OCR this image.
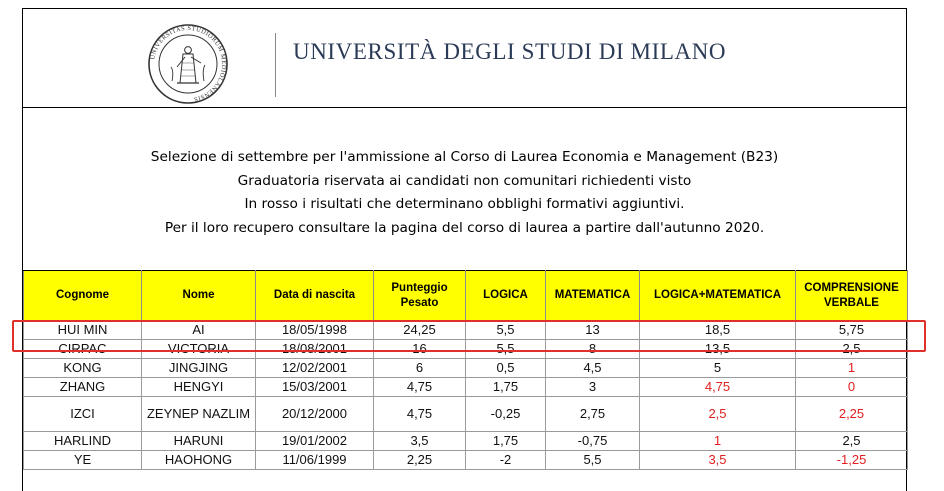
UNIVERSITAS STUDIORUM MEDIOLANENSIS
UNIVERSITÀ DEGLI STUDI DI MILANO
Selezione di settembre per l'ammissione al Corso di Laurea Economia e Management (B23)
Graduatoria riservata ai candidati non comunitari richiedenti visto
In rosso i risultati che determinano obblighi formativi aggiuntivi.
Per il loro recupero consultare la pagina del corso di laurea a partire dall'autunno 2020.
Cognome	Nome	Data di nascita	Punteggio Pesato	LOGICA	MATEMATICA	LOGICA+MATEMATICA	COMPRENSIONE VERBALE
HUI MIN	AI	18/05/1998	24,25	5,5	13	18,5	5,75
CIRPAC	VICTORIA	18/08/2001	16	5,5	8	13,5	2,5
KONG	JINGJING	12/02/2001	6	0,5	4,5	5	1
ZHANG	HENGYI	15/03/2001	4,75	1,75	3	4,75	0
IZCI	ZEYNEP NAZLIM	20/12/2000	4,75	-0,25	2,75	2,5	2,25
HARLIND	HARUNI	19/01/2002	3,5	1,75	-0,75	1	2,5
YE	HAOHONG	11/06/1999	2,25	-2	5,5	3,5	-1,25
